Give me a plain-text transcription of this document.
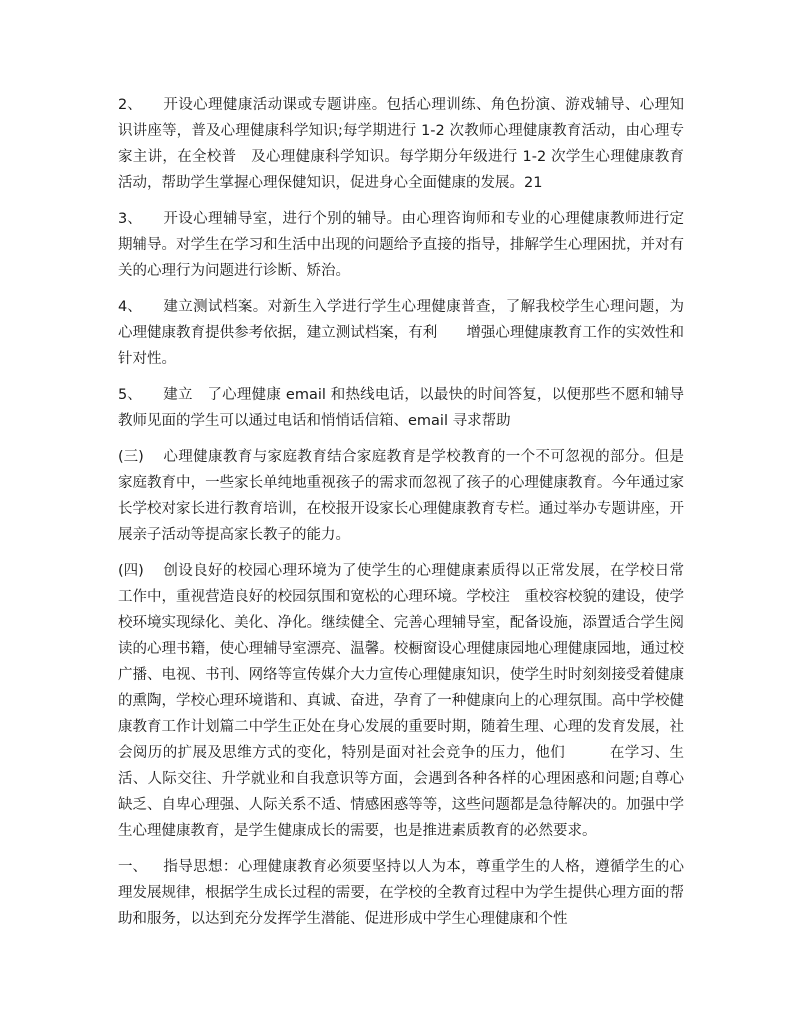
2、 开设心理健康活动课或专题讲座。包括心理训练、角色扮演、游戏辅导、心理知识讲座等，普及心理健康科学知识;每学期进行 1-2 次教师心理健康教育活动，由心理专家主讲，在全校普　及心理健康科学知识。每学期分年级进行 1-2 次学生心理健康教育活动，帮助学生掌握心理保健知识，促进身心全面健康的发展。21

3、 开设心理辅导室，进行个别的辅导。由心理咨询师和专业的心理健康教师进行定期辅导。对学生在学习和生活中出现的问题给予直接的指导，排解学生心理困扰，并对有关的心理行为问题进行诊断、矫治。

4、 建立测试档案。对新生入学进行学生心理健康普查，了解我校学生心理问题，为心理健康教育提供参考依据，建立测试档案，有利　　增强心理健康教育工作的实效性和针对性。

5、 建立　了心理健康 email 和热线电话，以最快的时间答复，以便那些不愿和辅导教师见面的学生可以通过电话和悄悄话信箱、email 寻求帮助

(三) 心理健康教育与家庭教育结合家庭教育是学校教育的一个不可忽视的部分。但是家庭教育中，一些家长单纯地重视孩子的需求而忽视了孩子的心理健康教育。今年通过家长学校对家长进行教育培训，在校报开设家长心理健康教育专栏。通过举办专题讲座，开展亲子活动等提高家长教子的能力。

(四) 创设良好的校园心理环境为了使学生的心理健康素质得以正常发展，在学校日常工作中，重视营造良好的校园氛围和宽松的心理环境。学校注　重校容校貌的建设，使学校环境实现绿化、美化、净化。继续健全、完善心理辅导室，配备设施，添置适合学生阅读的心理书籍，使心理辅导室漂亮、温馨。校橱窗设心理健康园地心理健康园地，通过校广播、电视、书刊、网络等宣传媒介大力宣传心理健康知识，使学生时时刻刻接受着健康的熏陶，学校心理环境谐和、真诚、奋进，孕育了一种健康向上的心理氛围。高中学校健康教育工作计划篇二中学生正处在身心发展的重要时期，随着生理、心理的发育发展，社会阅历的扩展及思维方式的变化，特别是面对社会竞争的压力，他们　　　在学习、生活、人际交往、升学就业和自我意识等方面，会遇到各种各样的心理困惑和问题;自尊心缺乏、自卑心理强、人际关系不适、情感困惑等等，这些问题都是急待解决的。加强中学生心理健康教育，是学生健康成长的需要，也是推进素质教育的必然要求。

一、 指导思想：心理健康教育必须要坚持以人为本，尊重学生的人格，遵循学生的心理发展规律，根据学生成长过程的需要，在学校的全教育过程中为学生提供心理方面的帮助和服务，以达到充分发挥学生潜能、促进形成中学生心理健康和个性
